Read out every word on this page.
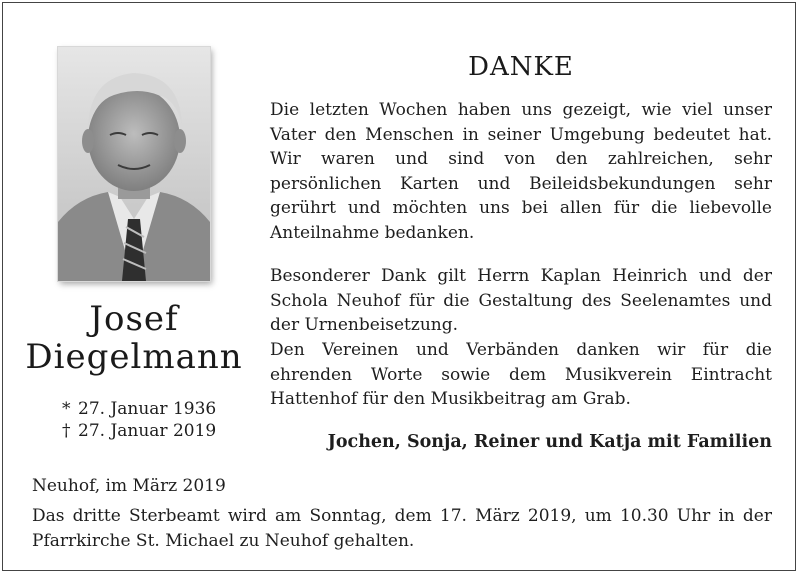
Josef
Diegelmann
* 27. Januar 1936
† 27. Januar 2019
DANKE
Die letzten Wochen haben uns gezeigt, wie viel unser Vater den Menschen in seiner Umgebung bedeutet hat. Wir waren und sind von den zahlreichen, sehr persönlichen Karten und Beileidsbekundungen sehr gerührt und möchten uns bei allen für die liebevolle Anteilnahme bedanken.
Besonderer Dank gilt Herrn Kaplan Heinrich und der Schola Neuhof für die Gestaltung des Seelenamtes und der Urnenbeisetzung.
Den Vereinen und Verbänden danken wir für die ehrenden Worte sowie dem Musikverein Eintracht Hattenhof für den Musikbeitrag am Grab.
Jochen, Sonja, Reiner und Katja mit Familien
Neuhof, im März 2019
Das dritte Sterbeamt wird am Sonntag, dem 17. März 2019, um 10.30 Uhr in der Pfarrkirche St. Michael zu Neuhof gehalten.
